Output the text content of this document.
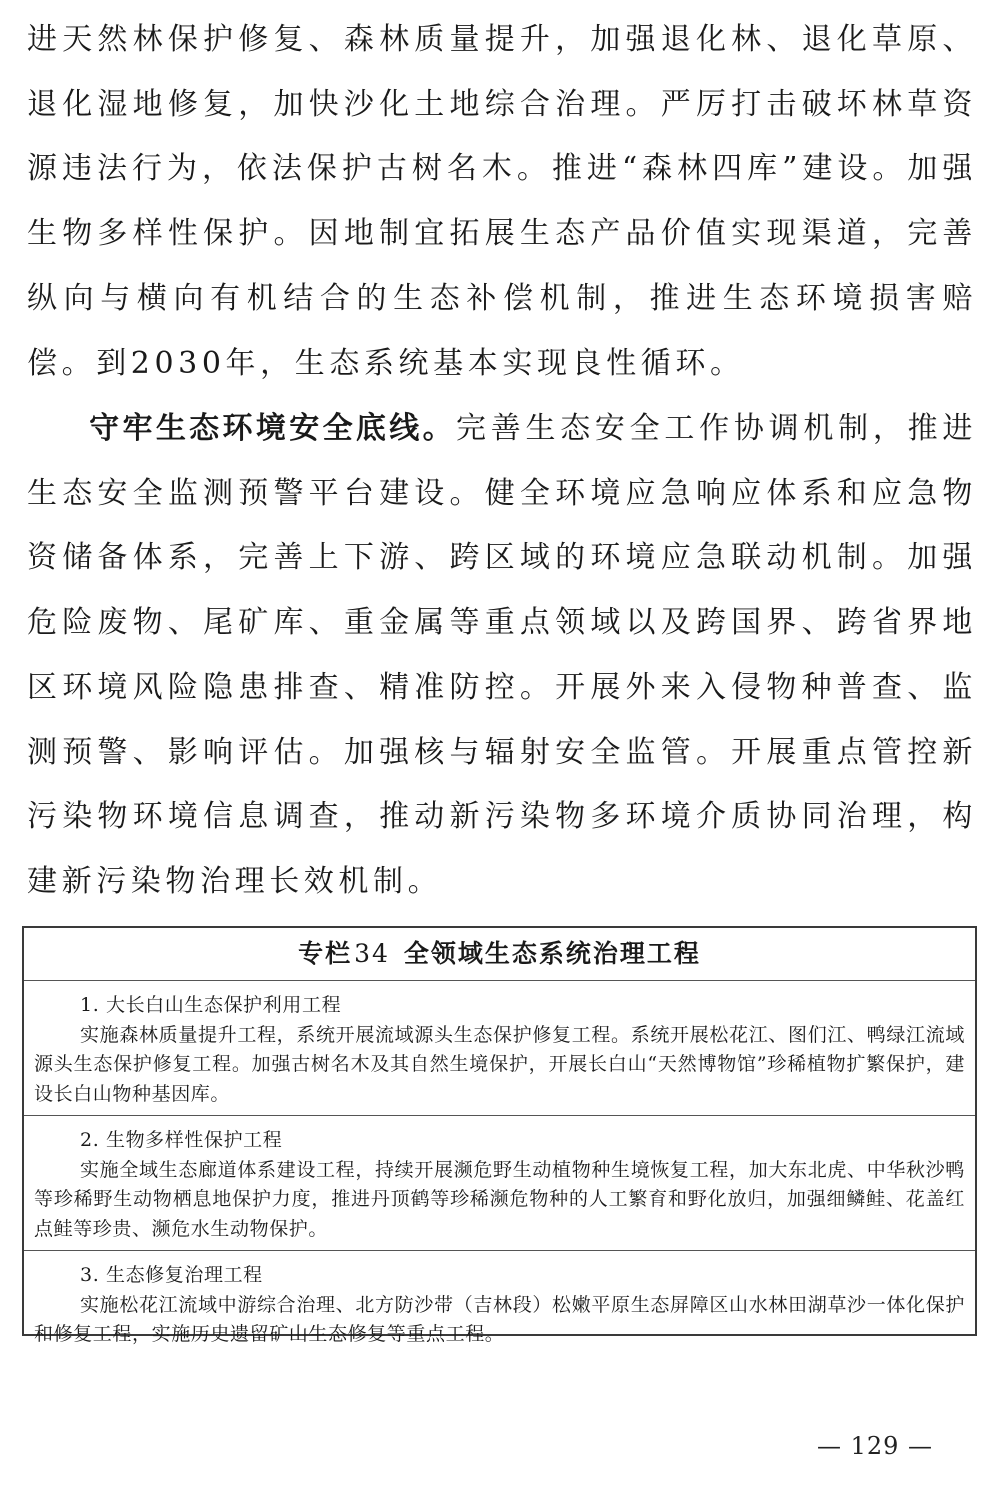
进天然林保护修复、森林质量提升，加强退化林、退化草原、退化湿地修复，加快沙化土地综合治理。严厉打击破坏林草资源违法行为，依法保护古树名木。推进“森林四库”建设。加强生物多样性保护。因地制宜拓展生态产品价值实现渠道，完善纵向与横向有机结合的生态补偿机制，推进生态环境损害赔偿。到2030年，生态系统基本实现良性循环。

守牢生态环境安全底线。完善生态安全工作协调机制，推进生态安全监测预警平台建设。健全环境应急响应体系和应急物资储备体系，完善上下游、跨区域的环境应急联动机制。加强危险废物、尾矿库、重金属等重点领域以及跨国界、跨省界地区环境风险隐患排查、精准防控。开展外来入侵物种普查、监测预警、影响评估。加强核与辐射安全监管。开展重点管控新污染物环境信息调查，推动新污染物多环境介质协同治理，构建新污染物治理长效机制。

专栏34 全领域生态系统治理工程
1. 大长白山生态保护利用工程
实施森林质量提升工程，系统开展流域源头生态保护修复工程。系统开展松花江、图们江、鸭绿江流域源头生态保护修复工程。加强古树名木及其自然生境保护，开展长白山“天然博物馆”珍稀植物扩繁保护，建设长白山物种基因库。
2. 生物多样性保护工程
实施全域生态廊道体系建设工程，持续开展濒危野生动植物种生境恢复工程，加大东北虎、中华秋沙鸭等珍稀野生动物栖息地保护力度，推进丹顶鹤等珍稀濒危物种的人工繁育和野化放归，加强细鳞鲑、花盖红点鲑等珍贵、濒危水生动物保护。
3. 生态修复治理工程
实施松花江流域中游综合治理、北方防沙带（吉林段）松嫩平原生态屏障区山水林田湖草沙一体化保护和修复工程，实施历史遗留矿山生态修复等重点工程。
— 129 —
